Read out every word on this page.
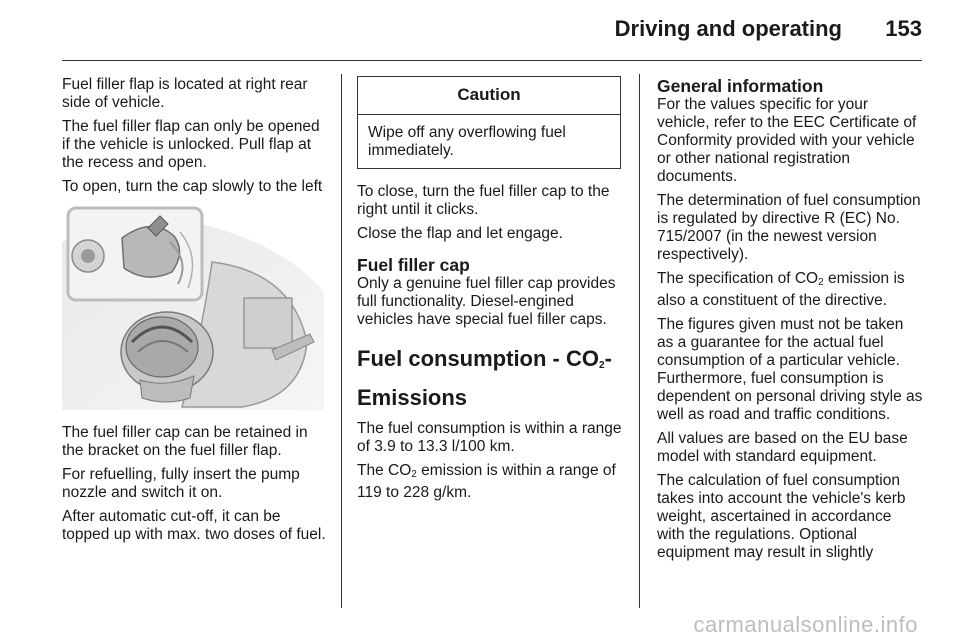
Driving and operating 153

Fuel filler flap is located at right rear side of vehicle.

The fuel filler flap can only be opened if the vehicle is unlocked. Pull flap at the recess and open.

To open, turn the cap slowly to the left

The fuel filler cap can be retained in the bracket on the fuel filler flap.

For refuelling, fully insert the pump nozzle and switch it on.

After automatic cut-off, it can be topped up with max. two doses of fuel.

Caution
Wipe off any overflowing fuel immediately.

To close, turn the fuel filler cap to the right until it clicks.

Close the flap and let engage.

Fuel filler cap

Only a genuine fuel filler cap provides full functionality. Diesel-engined vehicles have special fuel filler caps.

Fuel consumption - $CO_2-$
Emissions

The fuel consumption is within a range of 3.9 to 13.3 l/100 km.

The $CO_2$ emission is within a range of 119 to 228 g/km.

General information

For the values specific for your vehicle, refer to the EEC Certificate of Conformity provided with your vehicle or other national registration documents.

The determination of fuel consumption is regulated by directive R (EC) No. 715/2007 (in the newest version respectively).

The specification of $CO_2$ emission is also a constituent of the directive.

The figures given must not be taken as a guarantee for the actual fuel consumption of a particular vehicle. Furthermore, fuel consumption is dependent on personal driving style as well as road and traffic conditions.

All values are based on the EU base model with standard equipment.

The calculation of fuel consumption takes into account the vehicle's kerb weight, ascertained in accordance with the regulations. Optional equipment may result in slightly

carmanualsonline.info
